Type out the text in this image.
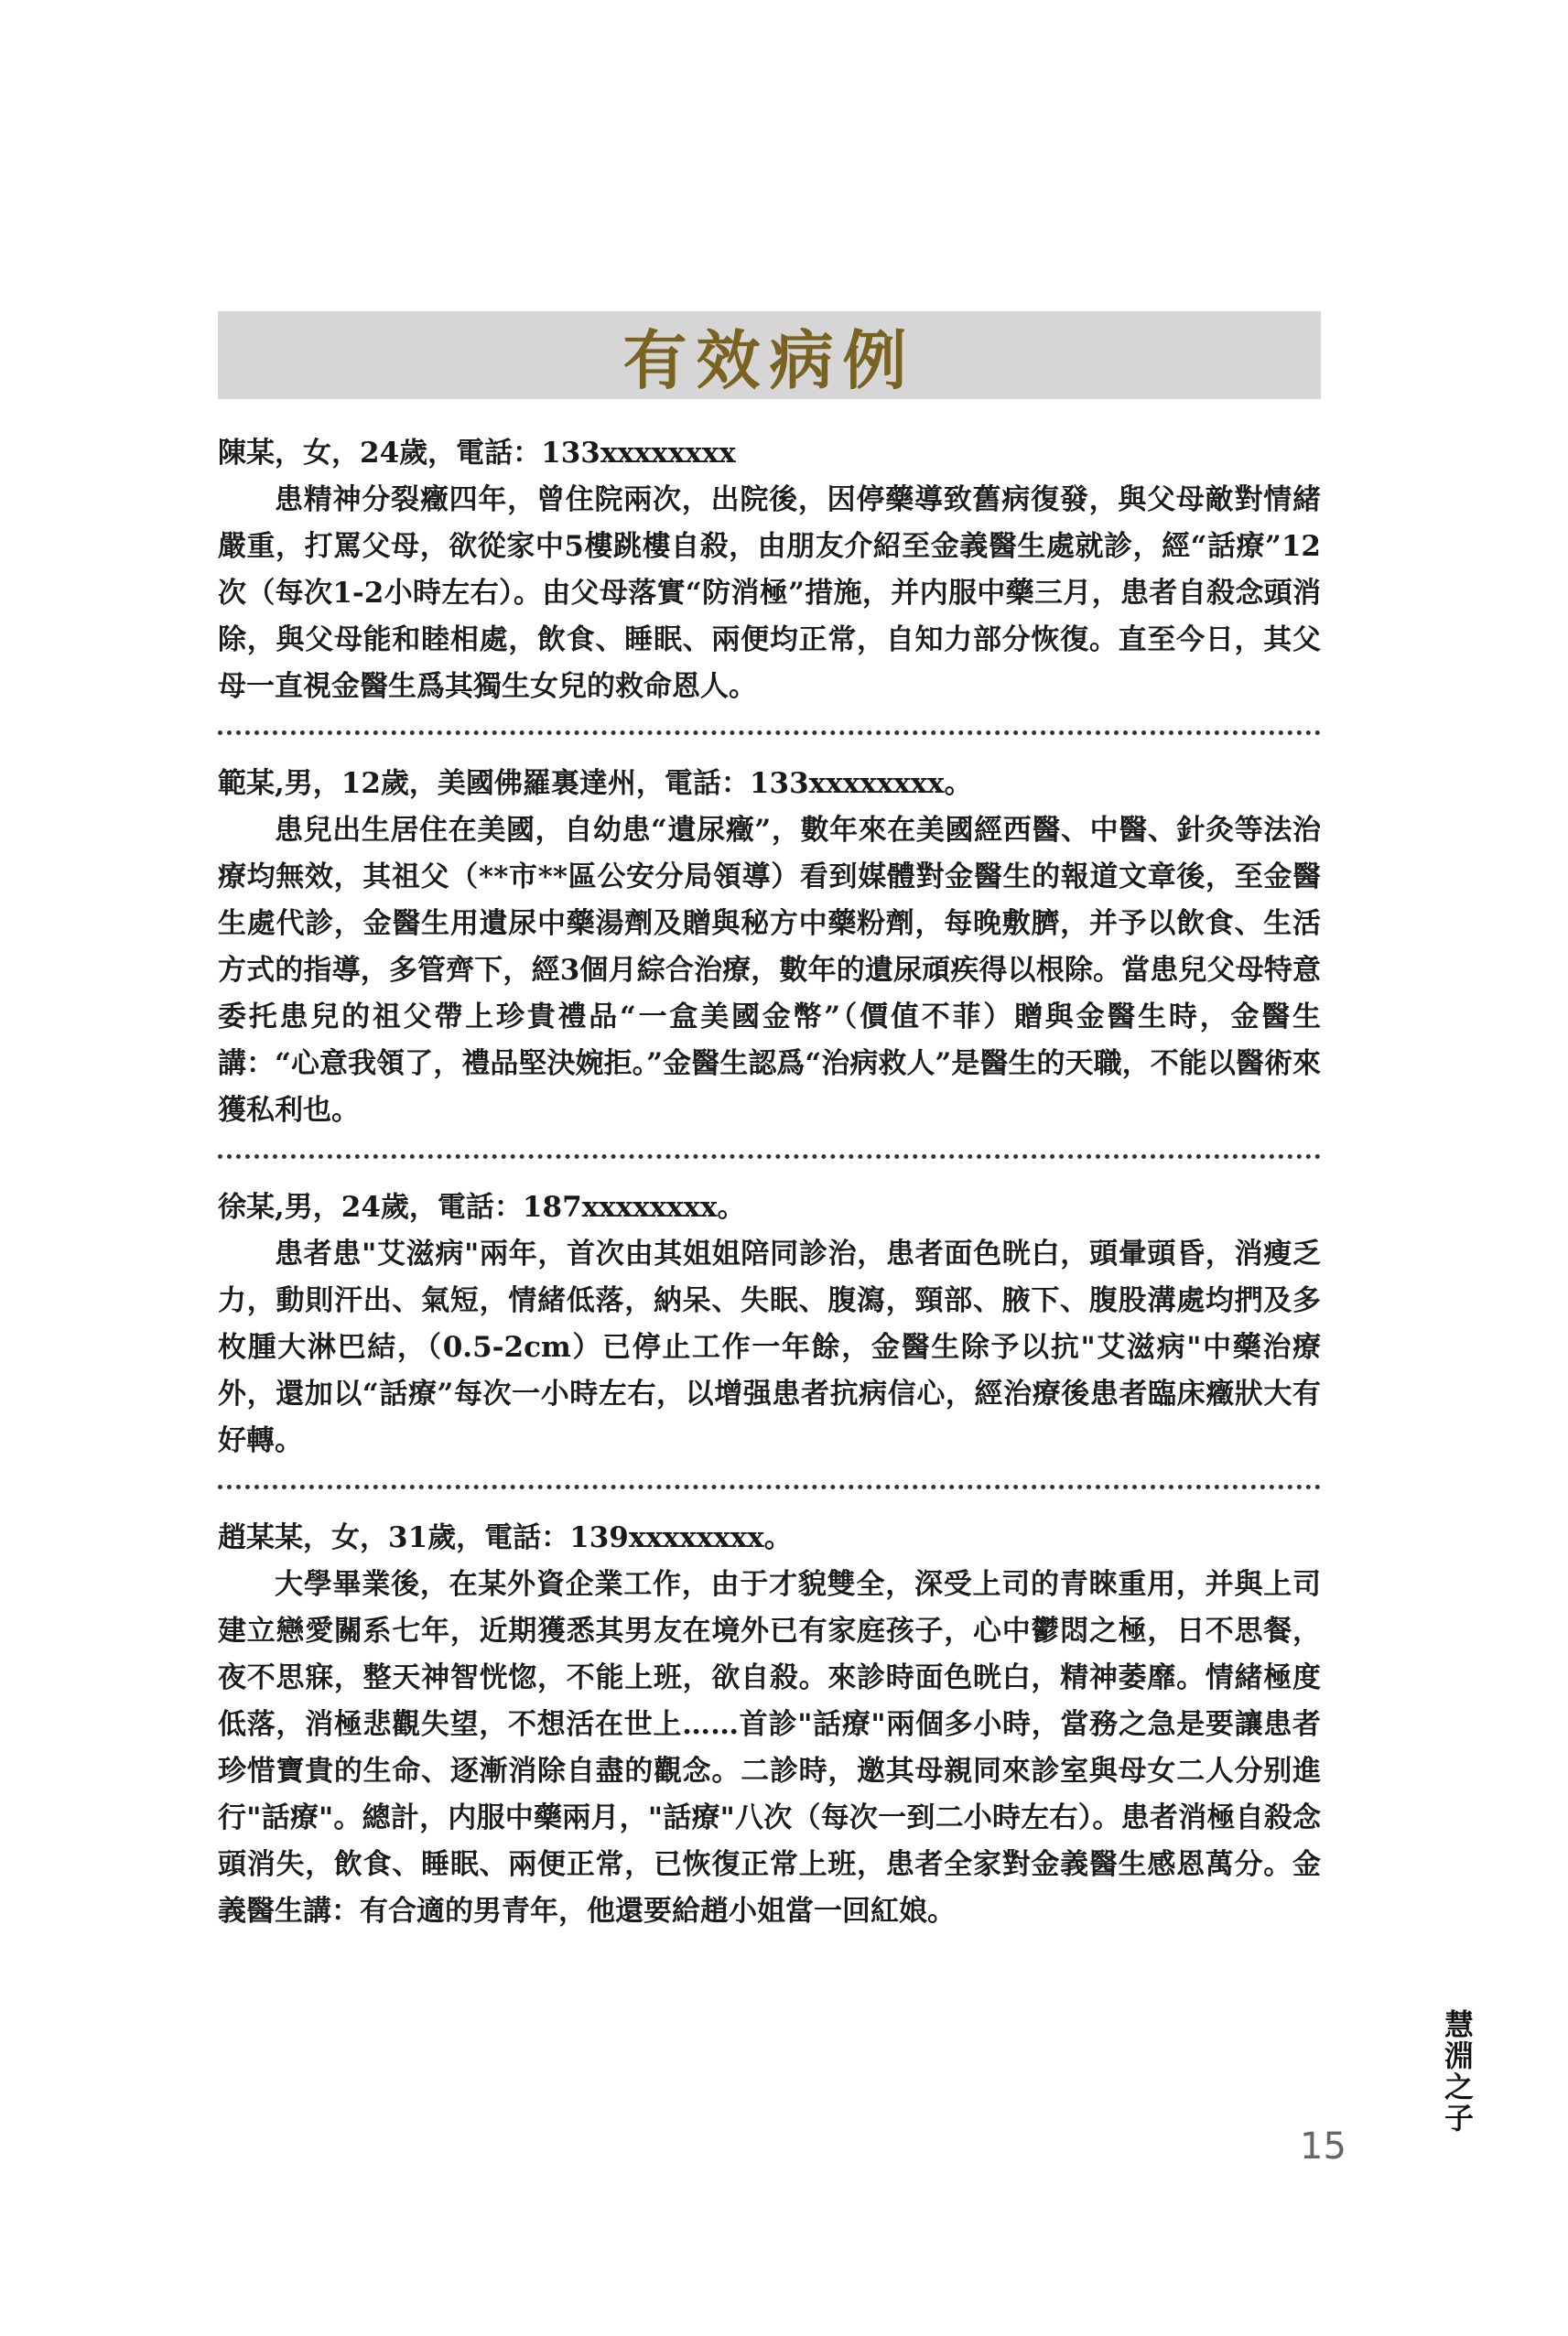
有效病例
陳某，女，24歲，電話：133xxxxxxxx

患精神分裂癥四年，曾住院兩次，出院後，因停藥導致舊病復發，與父母敵對情緒嚴重，打罵父母，欲從家中5樓跳樓自殺，由朋友介紹至金義醫生處就診，經“話療”12次（每次1-2小時左右）。由父母落實“防消極”措施，并内服中藥三月，患者自殺念頭消除，與父母能和睦相處，飲食、睡眠、兩便均正常，自知力部分恢復。直至今日，其父母一直視金醫生爲其獨生女兒的救命恩人。

範某,男，12歲，美國佛羅裏達州，電話：133xxxxxxxx。

患兒出生居住在美國，自幼患“遺尿癥”，數年來在美國經西醫、中醫、針灸等法治療均無效，其祖父（**市**區公安分局領導）看到媒體對金醫生的報道文章後，至金醫生處代診，金醫生用遺尿中藥湯劑及贈與秘方中藥粉劑，每晚敷臍，并予以飲食、生活 方式的指導，多管齊下，經3個月綜合治療，數年的遺尿頑疾得以根除。當患兒父母特意委托患兒的祖父帶上珍貴禮品“一盒美國金幣”（價值不菲）贈與金醫生時，金醫生講：“心意我領了，禮品堅決婉拒。”金醫生認爲“治病救人”是醫生的天職，不能以醫術來獲私利也。

徐某,男，24歲，電話：187xxxxxxxx。

患者患"艾滋病"兩年，首次由其姐姐陪同診治，患者面色晄白，頭暈頭昏，消瘦乏力，動則汗出、氣短，情緒低落，納呆、失眠、腹瀉，頸部、腋下、腹股溝處均捫及多枚腫大淋巴結，（0.5-2cm）已停止工作一年餘，金醫生除予以抗"艾滋病"中藥治療外，還加以“話療”每次一小時左右，以增强患者抗病信心，經治療後患者臨床癥狀大有好轉。

趙某某，女，31歲，電話：139xxxxxxxx。

大學畢業後，在某外資企業工作，由于才貌雙全，深受上司的青睞重用，并與上司建立戀愛關系七年，近期獲悉其男友在境外已有家庭孩子，心中鬱悶之極，日不思餐，夜不思寐，整天神智恍惚，不能上班，欲自殺。來診時面色晄白，精神萎靡。情緒極度低落，消極悲觀失望，不想活在世上……首診"話療"兩個多小時，當務之急是要讓患者珍惜寶貴的生命、逐漸消除自盡的觀念。二診時，邀其母親同來診室與母女二人分别進行"話療"。總計，内服中藥兩月，"話療"八次（每次一到二小時左右）。患者消極自殺念頭消失，飲食、睡眠、兩便正常，已恢復正常上班，患者全家對金義醫生感恩萬分。金義醫生講：有合適的男青年，他還要給趙小姐當一回紅娘。

慧淵之子
15
